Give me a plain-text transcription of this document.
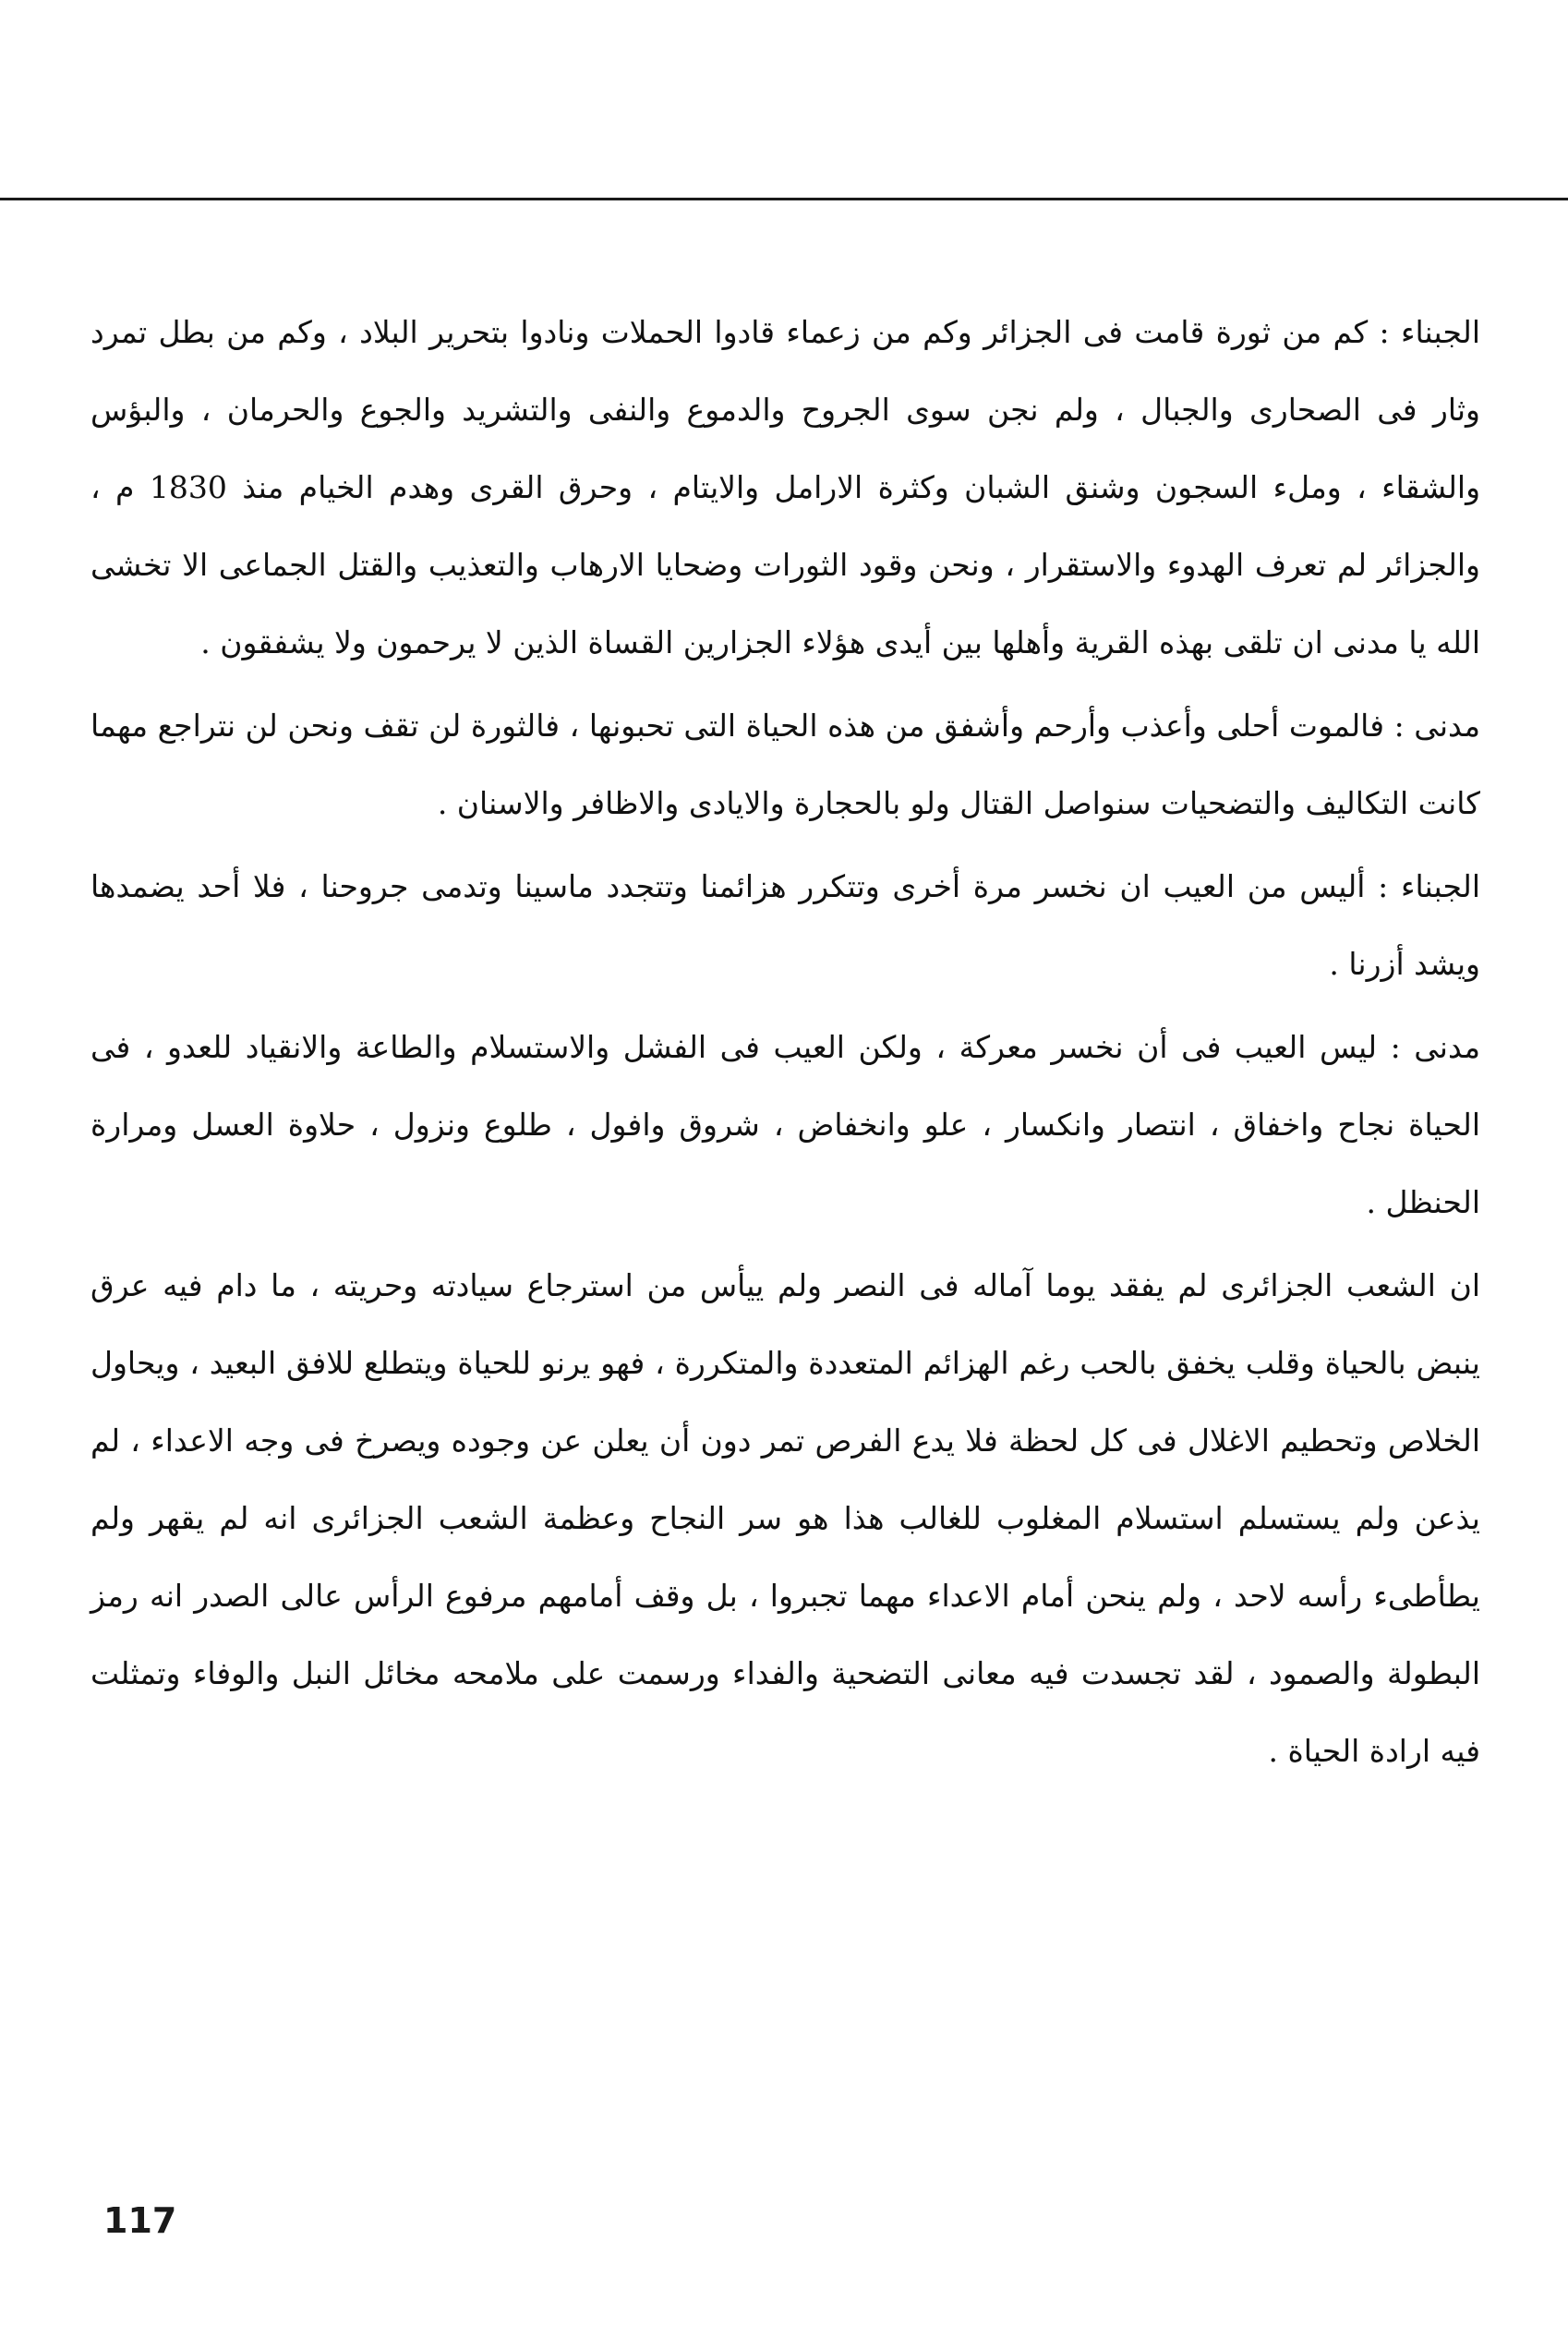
الجبناء : كم من ثورة قامت فى الجزائر وكم من زعماء قادوا الحملات ونادوا بتحرير البلاد ، وكم من بطل تمرد وثار فى الصحارى والجبال ، ولم نجن سوى الجروح والدموع والنفى والتشريد والجوع والحرمان ، والبؤس والشقاء ، وملء السجون وشنق الشبان وكثرة الارامل والايتام ، وحرق القرى وهدم الخيام منذ 1830 م ، والجزائر لم تعرف الهدوء والاستقرار ، ونحن وقود الثورات وضحايا الارهاب والتعذيب والقتل الجماعى الا تخشى الله يا مدنى ان تلقى بهذه القرية وأهلها بين أيدى هؤلاء الجزارين القساة الذين لا يرحمون ولا يشفقون .

مدنى : فالموت أحلى وأعذب وأرحم وأشفق من هذه الحياة التى تحبونها ، فالثورة لن تقف ونحن لن نتراجع مهما كانت التكاليف والتضحيات سنواصل القتال ولو بالحجارة والايادى والاظافر والاسنان .

الجبناء : أليس من العيب ان نخسر مرة أخرى وتتكرر هزائمنا وتتجدد ماسينا وتدمى جروحنا ، فلا أحد يضمدها ويشد أزرنا .

مدنى : ليس العيب فى أن نخسر معركة ، ولكن العيب فى الفشل والاستسلام والطاعة والانقياد للعدو ، فى الحياة نجاح واخفاق ، انتصار وانكسار ، علو وانخفاض ، شروق وافول ، طلوع ونزول ، حلاوة العسل ومرارة الحنظل .

ان الشعب الجزائرى لم يفقد يوما آماله فى النصر ولم ييأس من استرجاع سيادته وحريته ، ما دام فيه عرق ينبض بالحياة وقلب يخفق بالحب رغم الهزائم المتعددة والمتكررة ، فهو يرنو للحياة ويتطلع للافق البعيد ، ويحاول الخلاص وتحطيم الاغلال فى كل لحظة فلا يدع الفرص تمر دون أن يعلن عن وجوده ويصرخ فى وجه الاعداء ، لم يذعن ولم يستسلم استسلام المغلوب للغالب هذا هو سر النجاح وعظمة الشعب الجزائرى انه لم يقهر ولم يطأطىء رأسه لاحد ، ولم ينحن أمام الاعداء مهما تجبروا ، بل وقف أمامهم مرفوع الرأس عالى الصدر انه رمز البطولة والصمود ، لقد تجسدت فيه معانى التضحية والفداء ورسمت على ملامحه مخائل النبل والوفاء وتمثلت فيه ارادة الحياة .

117
